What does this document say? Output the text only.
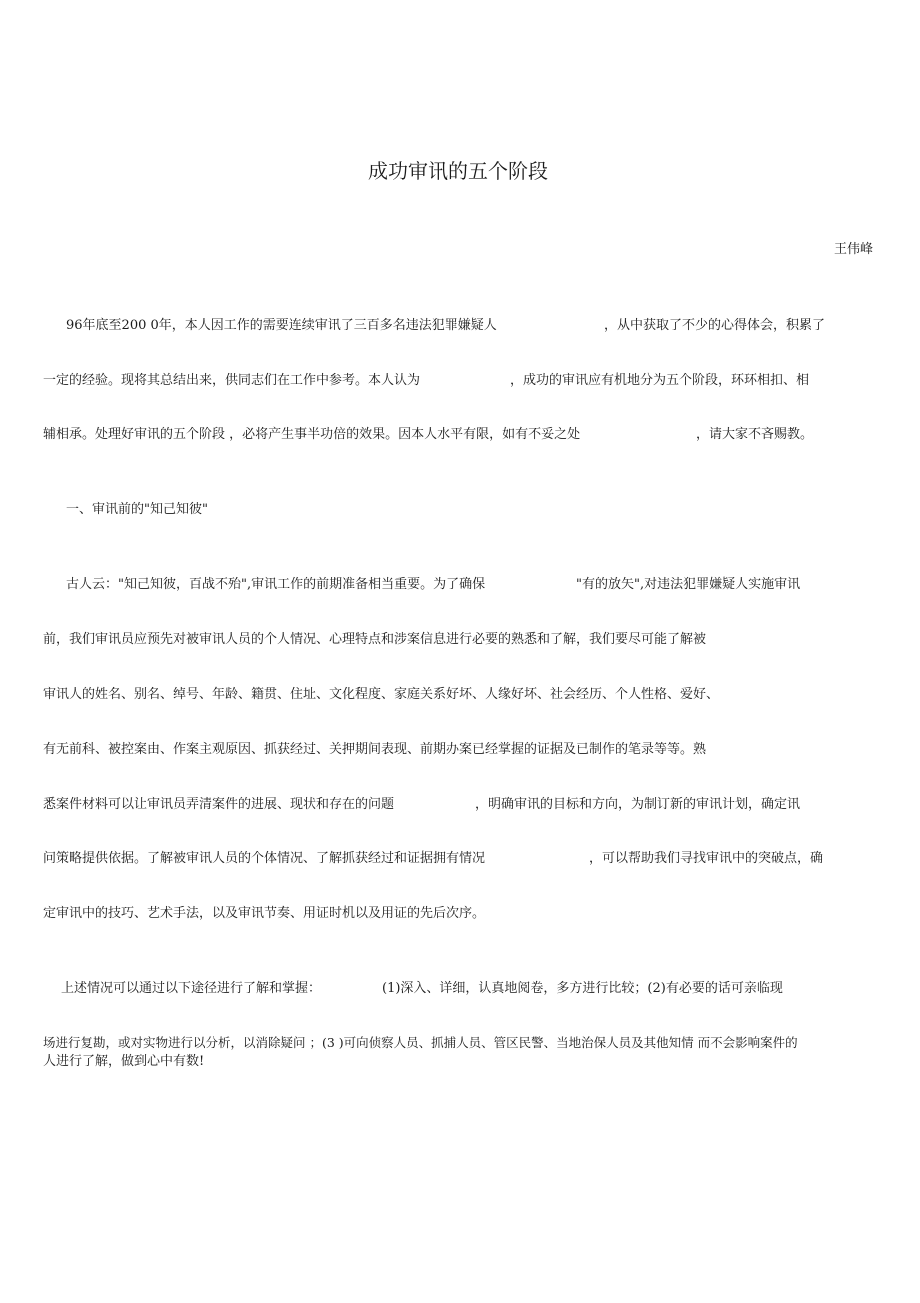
成功审讯的五个阶段
王伟峰
96年底至200 0年，本人因工作的需要连续审讯了三百多名违法犯罪嫌疑人	，从中获取了不少的心得体会，积累了
一定的经验。现将其总结出来，供同志们在工作中参考。本人认为	，成功的审讯应有机地分为五个阶段，环环相扣、相
辅相承。处理好审讯的五个阶段 ，必将产生事半功倍的效果。因本人水平有限，如有不妥之处	，请大家不吝赐教。
一、审讯前的"知己知彼"
古人云："知己知彼，百战不殆",审讯工作的前期准备相当重要。为了确保	"有的放矢",对违法犯罪嫌疑人实施审讯
前，我们审讯员应预先对被审讯人员的个人情况、心理特点和涉案信息进行必要的熟悉和了解，我们要尽可能了解被
审讯人的姓名、别名、绰号、年龄、籍贯、住址、文化程度、家庭关系好坏、人缘好坏、社会经历、个人性格、爱好、
有无前科、被控案由、作案主观原因、抓获经过、关押期间表现、前期办案已经掌握的证据及已制作的笔录等等。熟
悉案件材料可以让审讯员弄清案件的进展、现状和存在的问题	，明确审讯的目标和方向，为制订新的审讯计划，确定讯
问策略提供依据。了解被审讯人员的个体情况、了解抓获经过和证据拥有情况	，可以帮助我们寻找审讯中的突破点，确
定审讯中的技巧、艺术手法，以及审讯节奏、用证时机以及用证的先后次序。
上述情况可以通过以下途径进行了解和掌握：	(1)深入、详细，认真地阅卷，多方进行比较；(2)有必要的话可亲临现
场进行复勘，或对实物进行以分析，以消除疑问 ；(3 )可向侦察人员、抓捕人员、管区民警、当地治保人员及其他知情 而不会影响案件的
人进行了解，做到心中有数!
